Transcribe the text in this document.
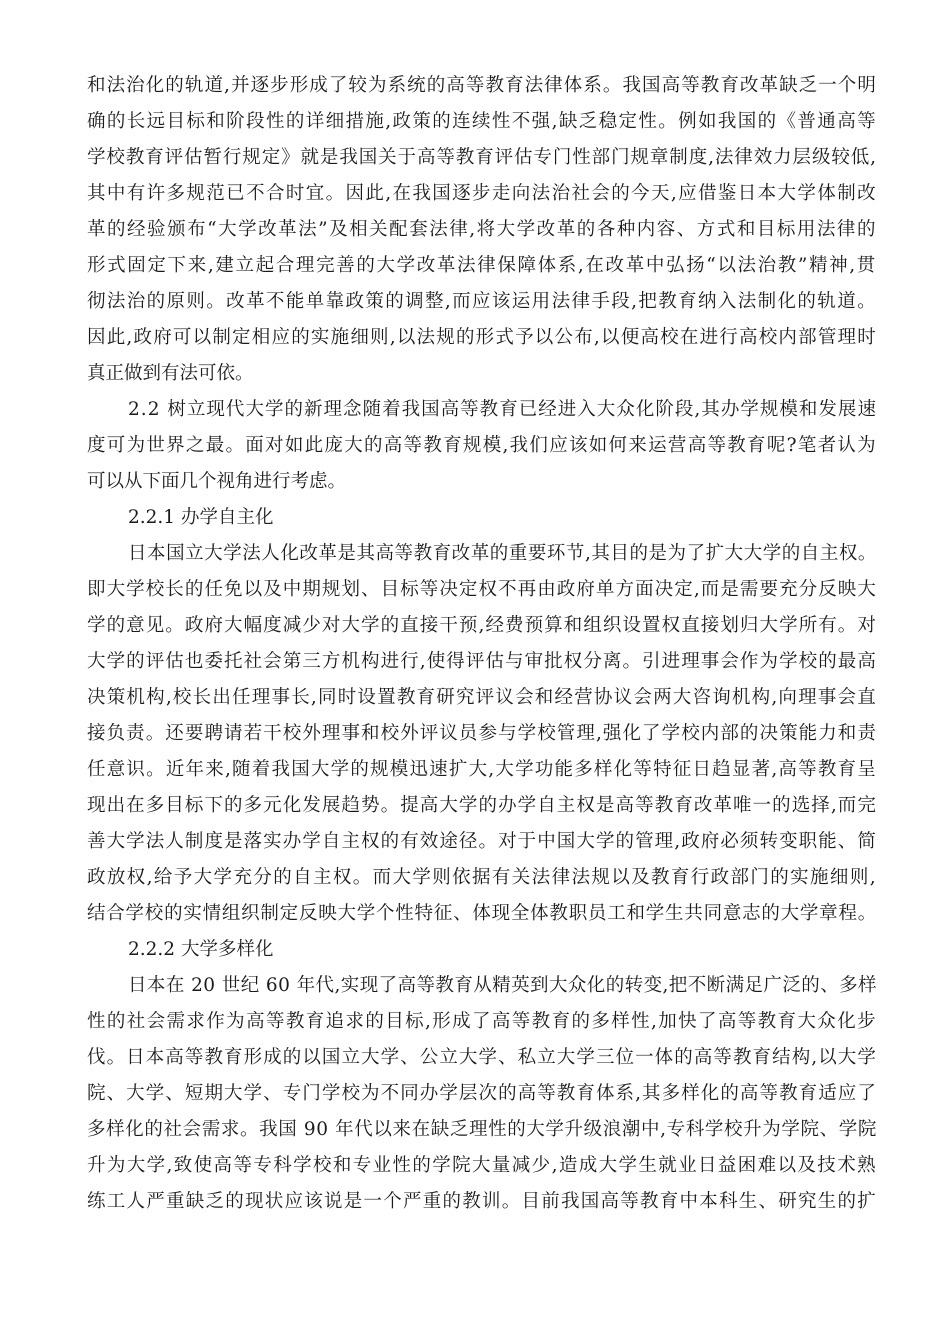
和法治化的轨道,并逐步形成了较为系统的高等教育法律体系。我国高等教育改革缺乏一个明
确的长远目标和阶段性的详细措施,政策的连续性不强,缺乏稳定性。例如我国的《普通高等
学校教育评估暂行规定》就是我国关于高等教育评估专门性部门规章制度,法律效力层级较低,
其中有许多规范已不合时宜。因此,在我国逐步走向法治社会的今天,应借鉴日本大学体制改
革的经验颁布“大学改革法”及相关配套法律,将大学改革的各种内容、方式和目标用法律的
形式固定下来,建立起合理完善的大学改革法律保障体系,在改革中弘扬“以法治教”精神,贯
彻法治的原则。改革不能单靠政策的调整,而应该运用法律手段,把教育纳入法制化的轨道。
因此,政府可以制定相应的实施细则,以法规的形式予以公布,以便高校在进行高校内部管理时
真正做到有法可依。
2.2 树立现代大学的新理念随着我国高等教育已经进入大众化阶段,其办学规模和发展速
度可为世界之最。面对如此庞大的高等教育规模,我们应该如何来运营高等教育呢?笔者认为
可以从下面几个视角进行考虑。
2.2.1 办学自主化
日本国立大学法人化改革是其高等教育改革的重要环节,其目的是为了扩大大学的自主权。
即大学校长的任免以及中期规划、目标等决定权不再由政府单方面决定,而是需要充分反映大
学的意见。政府大幅度减少对大学的直接干预,经费预算和组织设置权直接划归大学所有。对
大学的评估也委托社会第三方机构进行,使得评估与审批权分离。引进理事会作为学校的最高
决策机构,校长出任理事长,同时设置教育研究评议会和经营协议会两大咨询机构,向理事会直
接负责。还要聘请若干校外理事和校外评议员参与学校管理,强化了学校内部的决策能力和责
任意识。近年来,随着我国大学的规模迅速扩大,大学功能多样化等特征日趋显著,高等教育呈
现出在多目标下的多元化发展趋势。提高大学的办学自主权是高等教育改革唯一的选择,而完
善大学法人制度是落实办学自主权的有效途径。对于中国大学的管理,政府必须转变职能、简
政放权,给予大学充分的自主权。而大学则依据有关法律法规以及教育行政部门的实施细则,
结合学校的实情组织制定反映大学个性特征、体现全体教职员工和学生共同意志的大学章程。
2.2.2 大学多样化
日本在 20 世纪 60 年代,实现了高等教育从精英到大众化的转变,把不断满足广泛的、多样
性的社会需求作为高等教育追求的目标,形成了高等教育的多样性,加快了高等教育大众化步
伐。日本高等教育形成的以国立大学、公立大学、私立大学三位一体的高等教育结构,以大学
院、大学、短期大学、专门学校为不同办学层次的高等教育体系,其多样化的高等教育适应了
多样化的社会需求。我国 90 年代以来在缺乏理性的大学升级浪潮中,专科学校升为学院、学院
升为大学,致使高等专科学校和专业性的学院大量减少,造成大学生就业日益困难以及技术熟
练工人严重缺乏的现状应该说是一个严重的教训。目前我国高等教育中本科生、研究生的扩
